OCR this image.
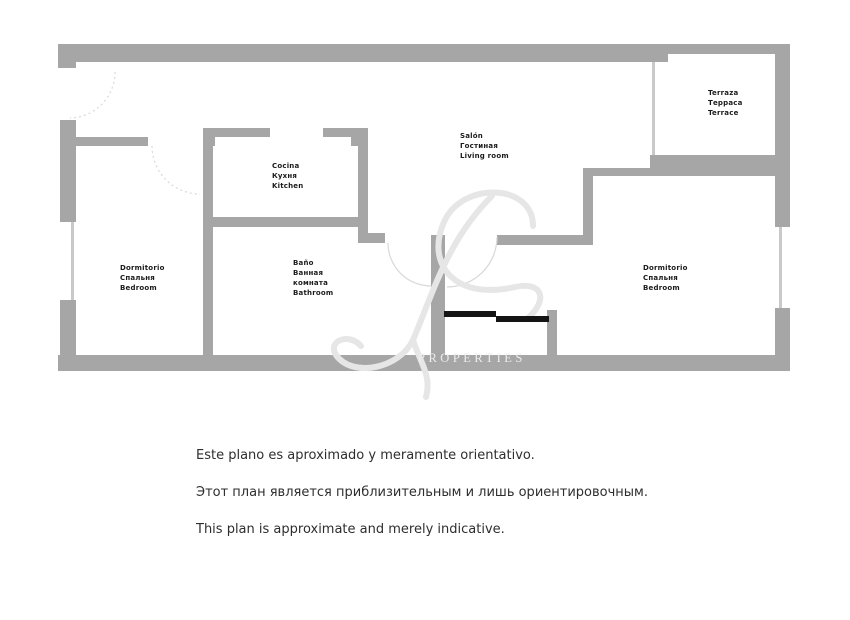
PROPERTIES
Dormitorio
Спальня
Bedroom
Cocina
Кухня
Kitchen
Baño
Ванная
комната
Bathroom
Salón
Гостиная
Living room
Terraza
Терраса
Terrace
Dormitorio
Спальня
Bedroom
Este plano es aproximado y meramente orientativo.
Этот план является приблизительным и лишь ориентировочным.
This plan is approximate and merely indicative.
